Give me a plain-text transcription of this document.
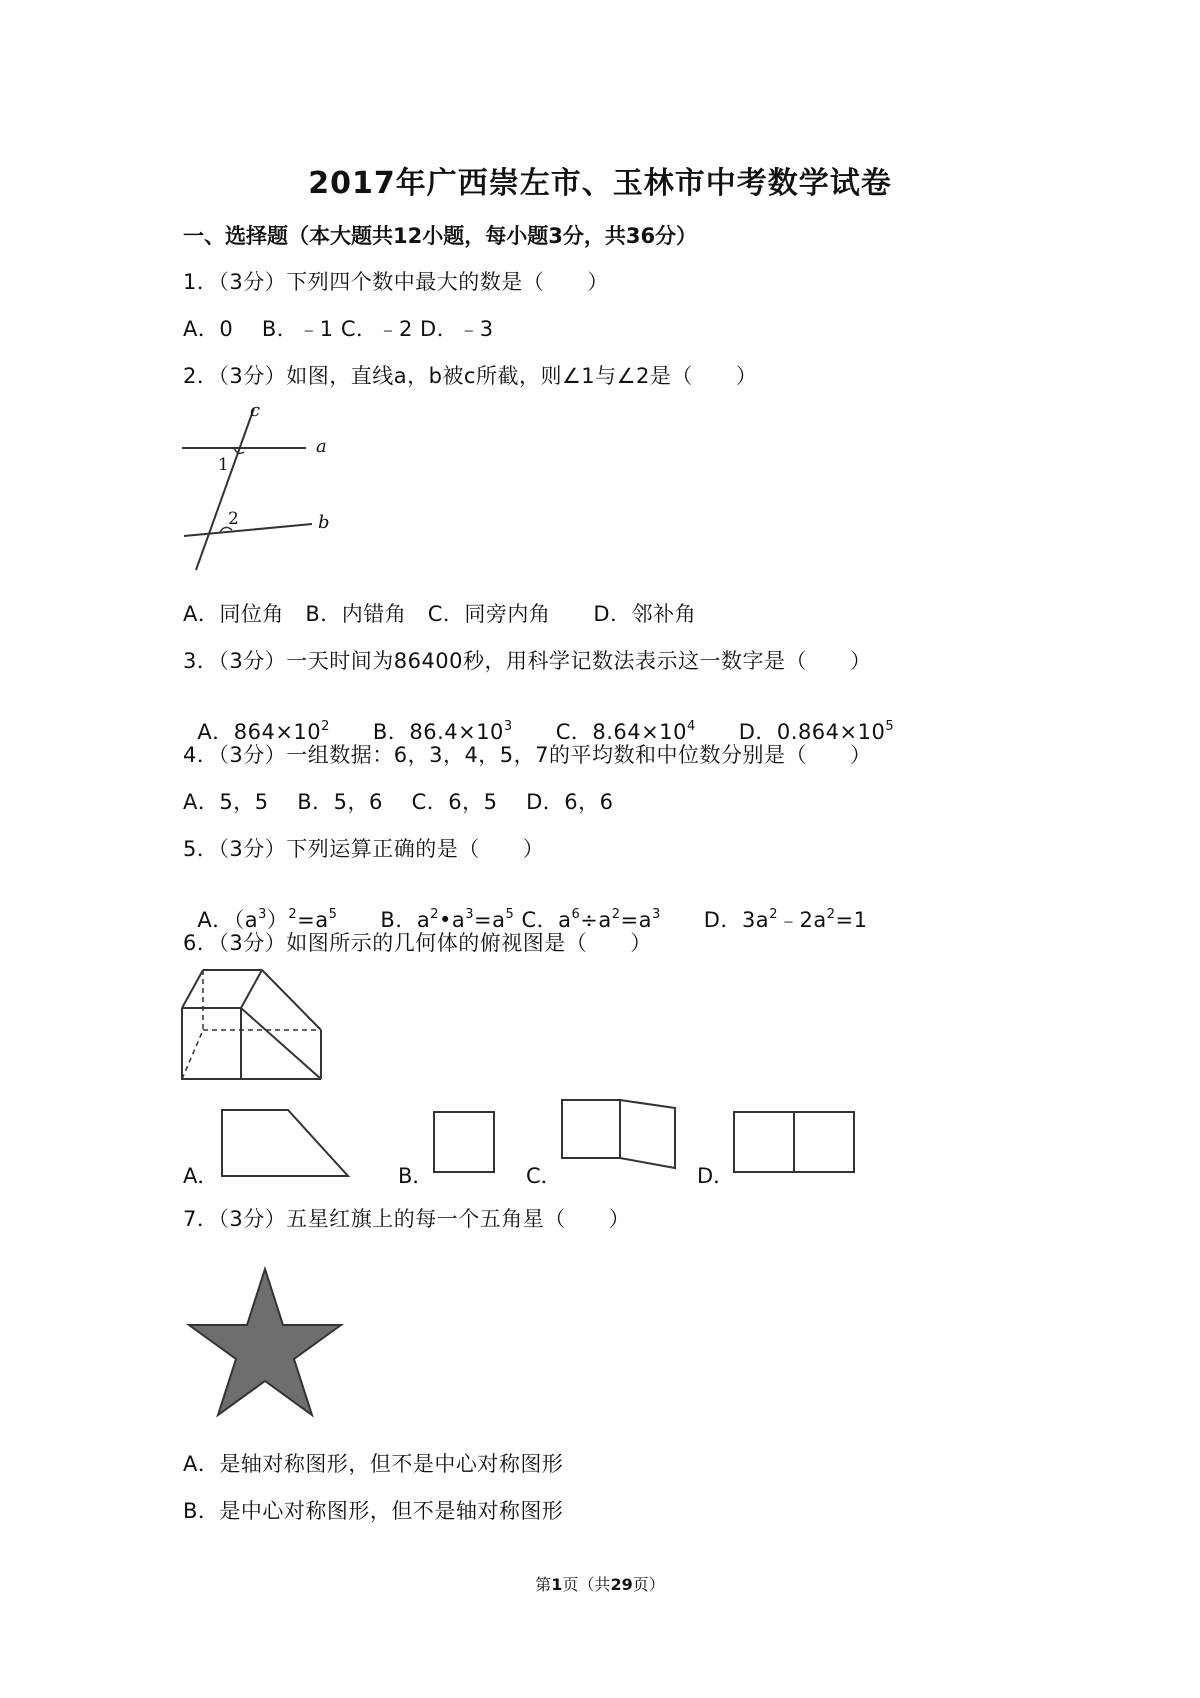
2017年广西崇左市、玉林市中考数学试卷
一、选择题（本大题共12小题，每小题3分，共36分）
1．（3分）下列四个数中最大的数是（　　）
A．0　 B．﹣1 C．﹣2 D．﹣3
2．（3分）如图，直线a，b被c所截，则∠1与∠2是（　　）
c
a
b
1
2
A．同位角　B．内错角　C．同旁内角　　D．邻补角
3．（3分）一天时间为86400秒，用科学记数法表示这一数字是（　　）

A．$864\times 10^2$　　 B．$86.4\times 10^3$　　 C．$8.64\times 10^4$　　 D．$0.864\times 10^5$

4．（3分）一组数据：6，3，4，5，7的平均数和中位数分别是（　　）
A．5，5　 B．5，6　 C．6，5　 D．6，6
5．（3分）下列运算正确的是（　　）

A．$(a^3)^2=a^5$　　 B．$a^2•a^3=a^5$ C．$a^6\div a^2=a^3$　　 D．$3a^2﹣2a^2=1$

6．（3分）如图所示的几何体的俯视图是（　　）
A．	B．	C．	D．
7．（3分）五星红旗上的每一个五角星（　　）
A．是轴对称图形，但不是中心对称图形
B．是中心对称图形，但不是轴对称图形
第1页（共29页）
